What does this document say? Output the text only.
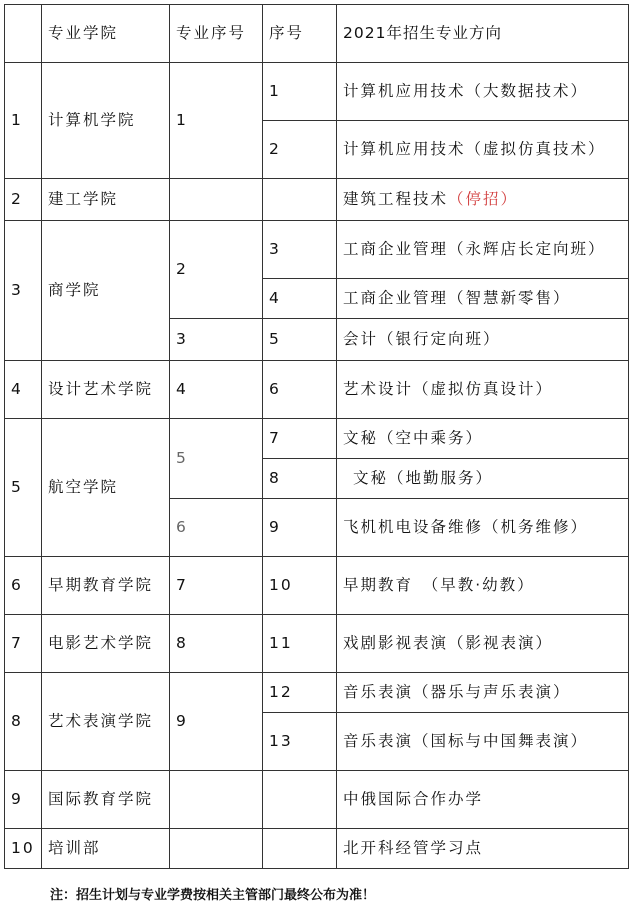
	专业学院	专业序号	序号	2021年招生专业方向
1	计算机学院	1	1	计算机应用技术（大数据技术）
			2	计算机应用技术（虚拟仿真技术）
2	建工学院			建筑工程技术（停招）
3	商学院	2	3	工商企业管理（永辉店长定向班）
			4	工商企业管理（智慧新零售）
		3	5	会计（银行定向班）
4	设计艺术学院	4	6	艺术设计（虚拟仿真设计）
5	航空学院	5	7	文秘（空中乘务）
			8	文秘（地勤服务）
		6	9	飞机机电设备维修（机务维修）
6	早期教育学院	7	10	早期教育　（早教·幼教）
7	电影艺术学院	8	11	戏剧影视表演（影视表演）
8	艺术表演学院	9	12	音乐表演（器乐与声乐表演）
			13	音乐表演（国标与中国舞表演）
9	国际教育学院			中俄国际合作办学
10	培训部			北开科经管学习点
注：招生计划与专业学费按相关主管部门最终公布为准！
